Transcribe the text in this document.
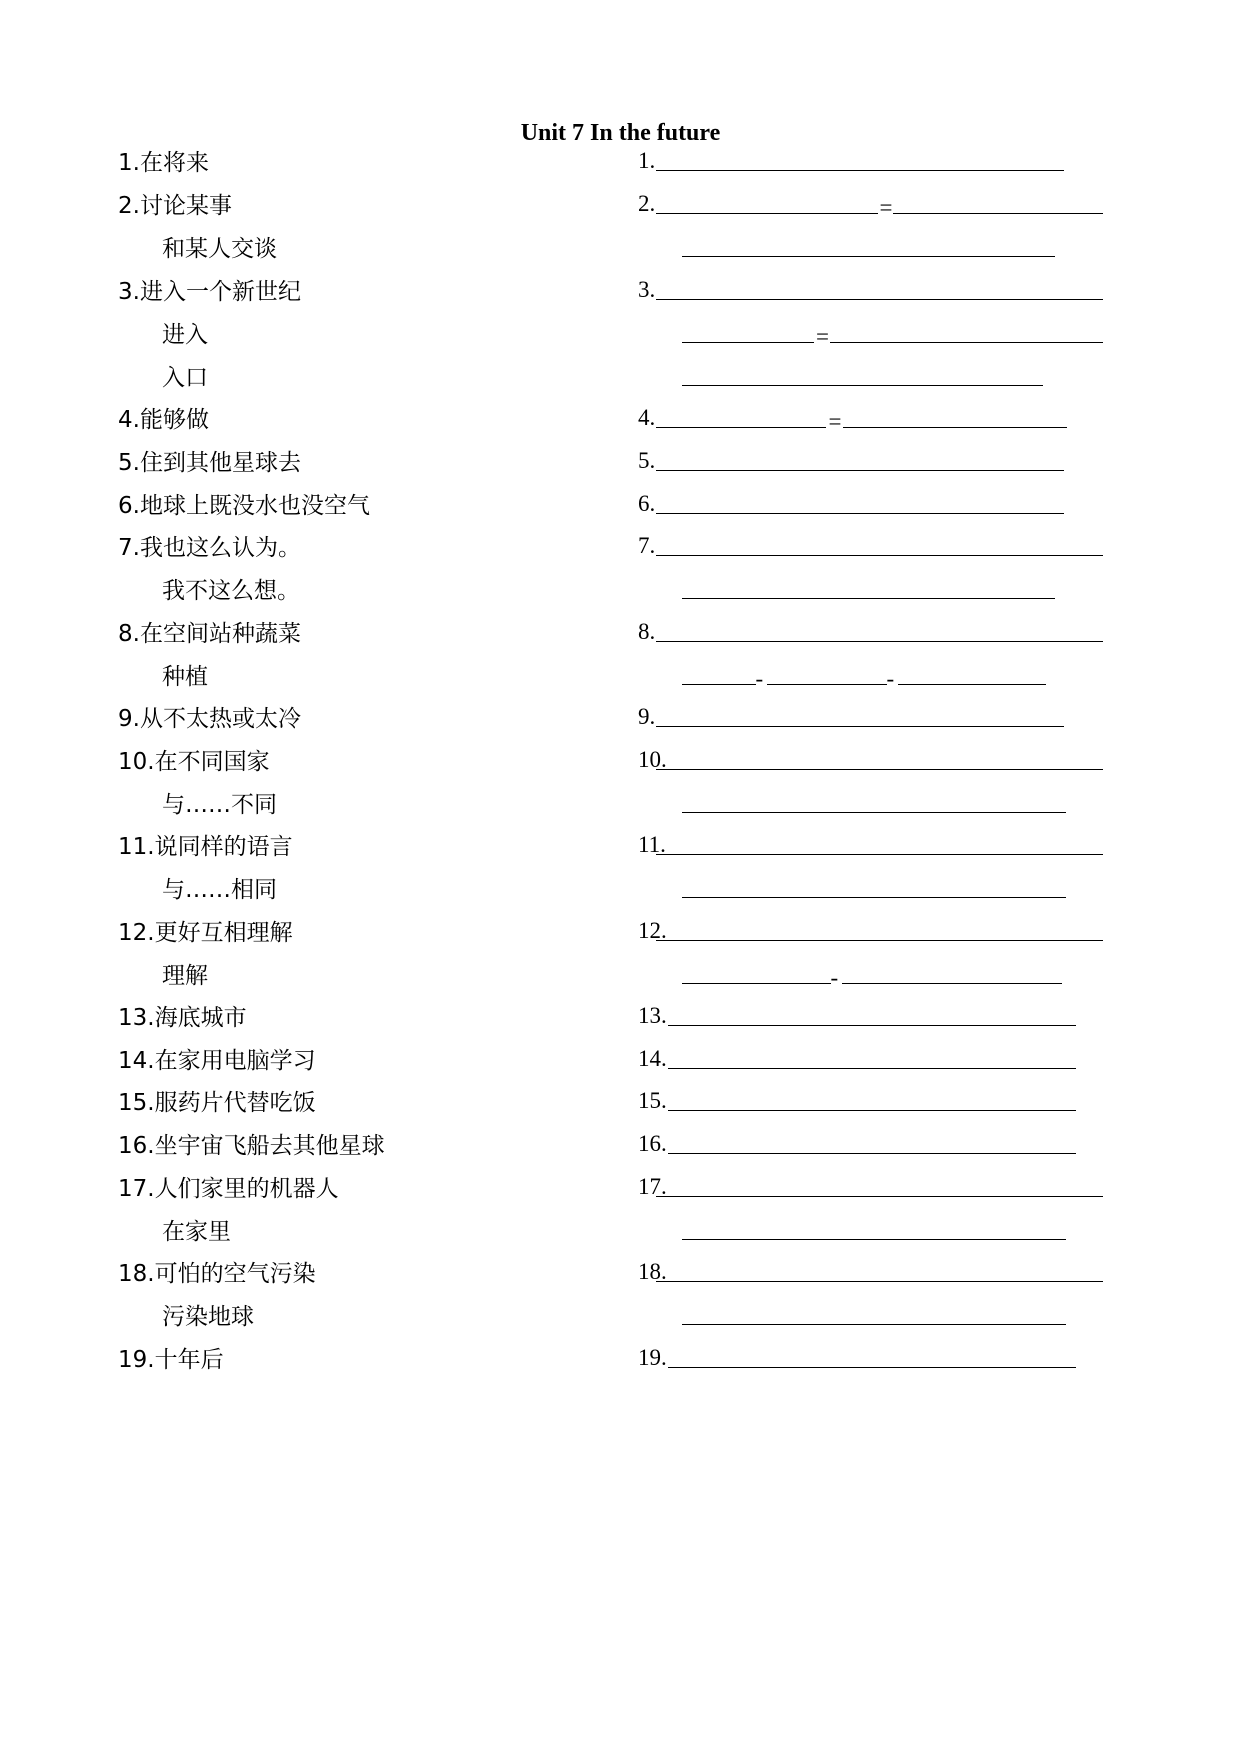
Unit 7 In the future
1.在将来	1.
2.讨论某事	2.	=
和某人交谈
3.进入一个新世纪	3.
进入	=
入口
4.能够做	4.	=
5.住到其他星球去	5.
6.地球上既没水也没空气	6.
7.我也这么认为。	7.
我不这么想。
8.在空间站种蔬菜	8.
种植	-	-
9.从不太热或太冷	9.
10.在不同国家	10.
与……不同
11.说同样的语言	11.
与……相同
12.更好互相理解	12.
理解	-
13.海底城市	13.
14.在家用电脑学习	14.
15.服药片代替吃饭	15.
16.坐宇宙飞船去其他星球	16.
17.人们家里的机器人	17.
在家里
18.可怕的空气污染	18.
污染地球
19.十年后	19.
